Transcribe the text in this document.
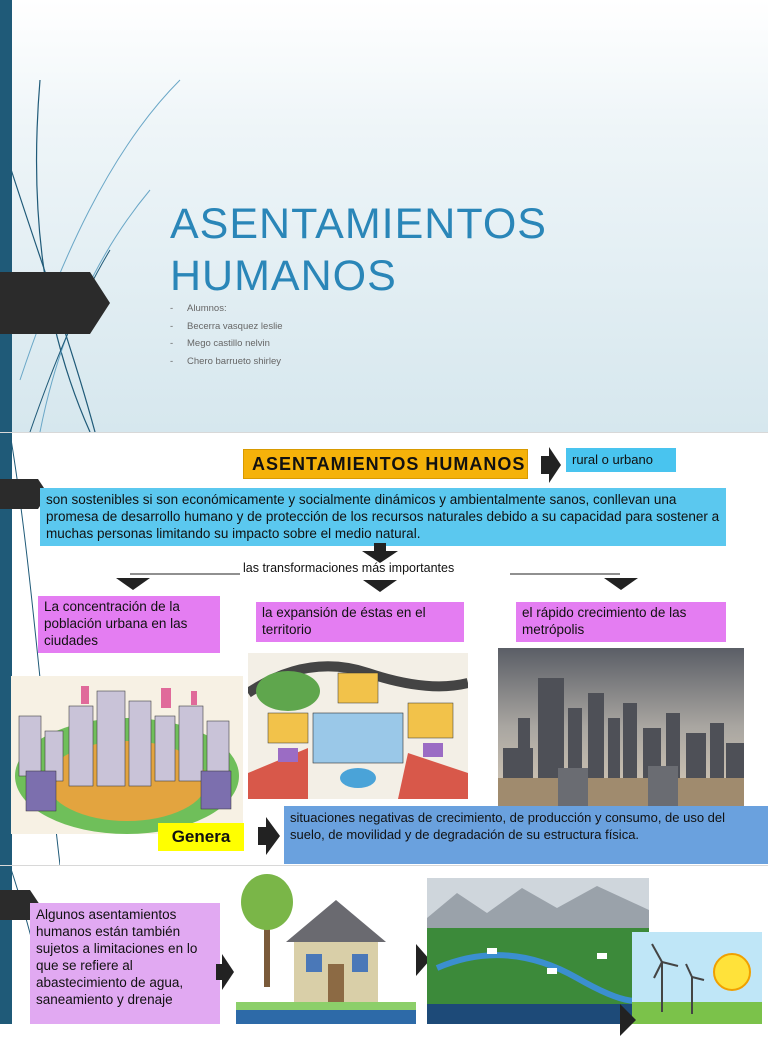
ASENTAMIENTOS
HUMANOS
- Alumnos:
- Becerra vasquez leslie
- Mego castillo nelvin
- Chero barrueto shirley
ASENTAMIENTOS HUMANOS	rural o urbano
son sostenibles si son económicamente y socialmente dinámicos y ambientalmente sanos, conllevan una promesa de desarrollo humano y de protección de los recursos naturales debido a su capacidad para sostener a muchas personas limitando su impacto sobre el medio natural.
las transformaciones más importantes
La concentración de la población urbana en las ciudades
la expansión de éstas en el territorio
el rápido crecimiento de las metrópolis
Genera
situaciones negativas de crecimiento, de producción y consumo, de uso del suelo, de movilidad y de degradación de su estructura física.
Algunos asentamientos humanos están también sujetos a limitaciones en lo que se refiere al abastecimiento de agua, saneamiento y drenaje
